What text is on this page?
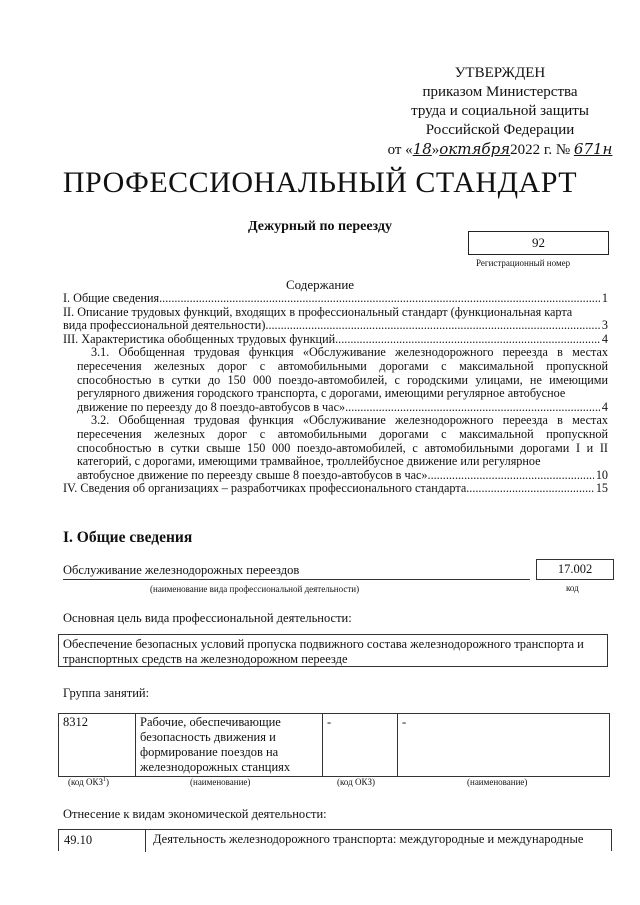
УТВЕРЖДЕН
приказом Министерства
труда и социальной защиты
Российской Федерации
от «18»октября2022 г. № 671н
ПРОФЕССИОНАЛЬНЫЙ СТАНДАРТ
Дежурный по переезду
92
Регистрационный номер
Содержание
I. Общие сведения .....	1
II. Описание трудовых функций, входящих в профессиональный стандарт (функциональная карта
вида профессиональной деятельности) .....	3
III. Характеристика обобщенных трудовых функций .....	4
3.1. Обобщенная трудовая функция «Обслуживание железнодорожного переезда в местах пересечения железных дорог с автомобильными дорогами с максимальной пропускной способностью в сутки до 150 000 поездо-автомобилей, с городскими улицами, не имеющими регулярного движения городского транспорта, с дорогами, имеющими регулярное автобусное
движение по переезду до 8 поездо-автобусов в час» .....	4
3.2. Обобщенная трудовая функция «Обслуживание железнодорожного переезда в местах пересечения железных дорог с автомобильными дорогами с максимальной пропускной способностью в сутки свыше 150 000 поездо-автомобилей, с автомобильными дорогами I и II категорий, с дорогами, имеющими трамвайное, троллейбусное движение или регулярное
автобусное движение по переезду свыше 8 поездо-автобусов в час» .....	10
IV. Сведения об организациях – разработчиках профессионального стандарта .....	15
I. Общие сведения
Обслуживание железнодорожных переездов	17.002
(наименование вида профессиональной деятельности)	код
Основная цель вида профессиональной деятельности:
Обеспечение безопасных условий пропуска подвижного состава железнодорожного транспорта и транспортных средств на железнодорожном переезде
Группа занятий:
8312	Рабочие, обеспечивающие безопасность движения и формирование поездов на железнодорожных станциях	-	-
(код ОКЗ$^1$)	(наименование)	(код ОКЗ)	(наименование)
Отнесение к видам экономической деятельности:
49.10	Деятельность железнодорожного транспорта: междугородные и международные
